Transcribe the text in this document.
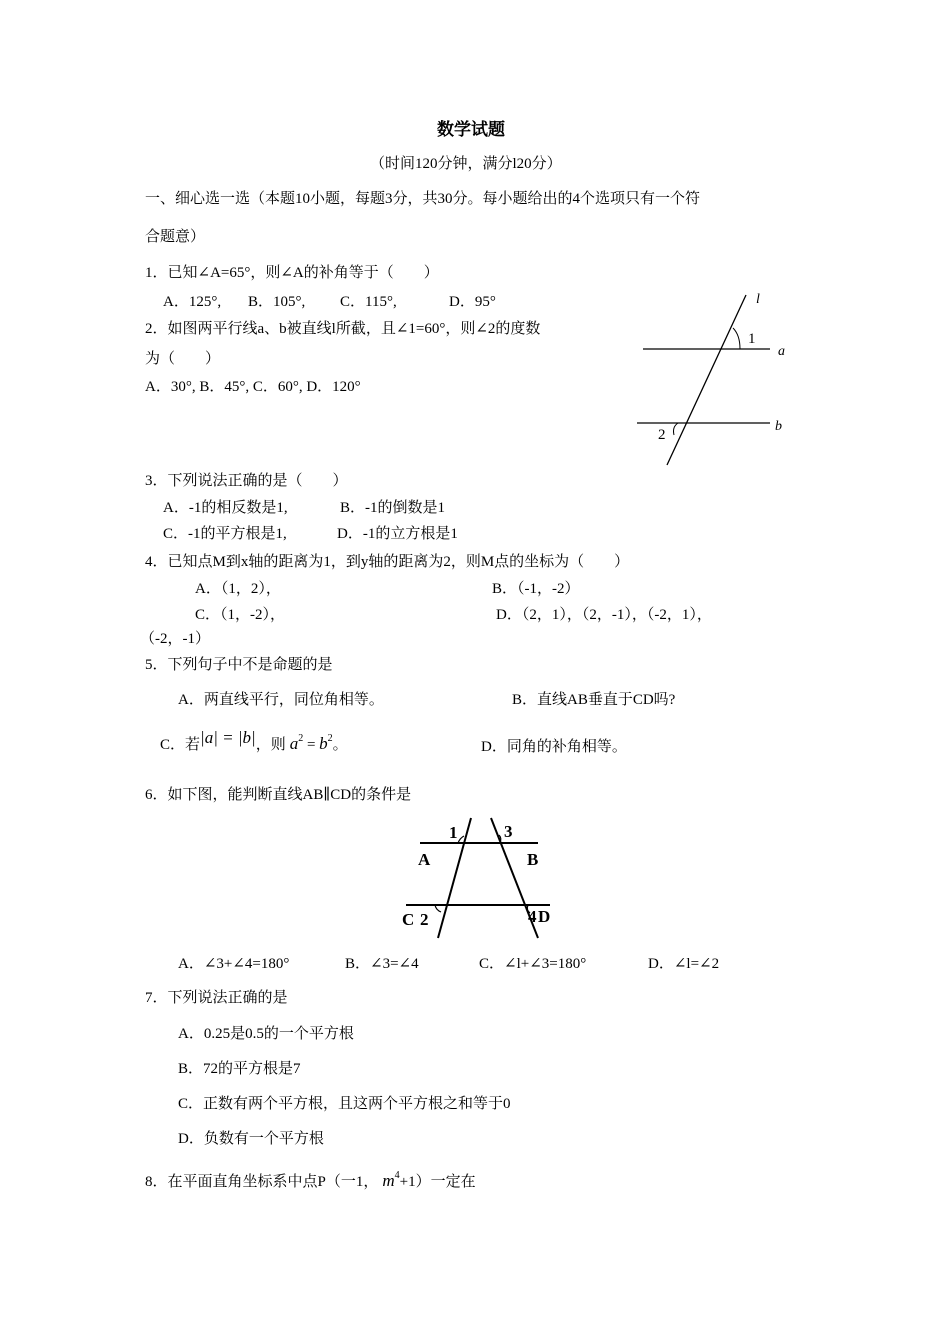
数学试题
（时间120分钟，满分l20分）
一、细心选一选（本题10小题，每题3分，共30分。每小题给出的4个选项只有一个符
合题意）
1．已知∠A=65°，则∠A的补角等于（　　）
A．125°, B．105°, C．115°,	D．95°
2．如图两平行线a、b被直线l所截，且∠1=60°，则∠2的度数
为（　　）
A．30°, B．45°, C．60°, D．120°
l
a
b
1
2
3．下列说法正确的是（　　）
A．-1的相反数是1,	B．-1的倒数是1
C．-1的平方根是1,	D．-1的立方根是1
4．已知点M到x轴的距离为1，到y轴的距离为2，则M点的坐标为（　　）
A．（1，2），	B．（-1，-2）
C．（1，-2），	D．（2，1），（2，-1），（-2，1），
（-2，-1）
5．下列句子中不是命题的是
A．两直线平行，同位角相等。	B．直线AB垂直于CD吗?
C．若|a| = |b|，则 $a^2 = b^2$。	D．同角的补角相等。
6．如下图，能判断直线AB∥CD的条件是
A	B
C	D
1
2
3
4
A．∠3+∠4=180°	B．∠3=∠4	C．∠l+∠3=180°	D．∠l=∠2
7．下列说法正确的是
A．0.25是0.5的一个平方根
B．72的平方根是7
C．正数有两个平方根，且这两个平方根之和等于0
D．负数有一个平方根
8．在平面直角坐标系中点P（一1， $m^4+1$）一定在
